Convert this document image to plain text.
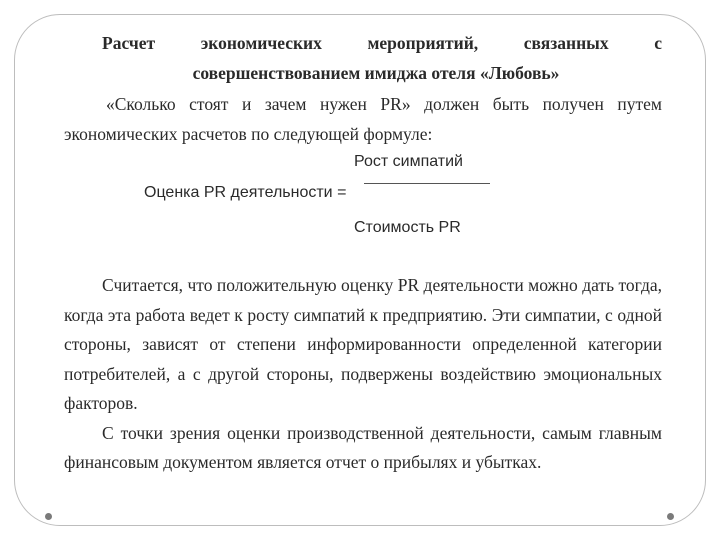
Расчет	экономических	мероприятий,	связанных	с
совершенствованием имиджа отеля «Любовь»
«Сколько стоят и зачем нужен PR» должен быть получен путем экономических расчетов по следующей формуле:
Рост симпатий
Оценка PR деятельности =
Стоимость PR
Считается, что положительную оценку PR деятельности можно дать тогда, когда эта работа ведет к росту симпатий к предприятию. Эти симпатии, с одной стороны, зависят от степени информированности определенной категории потребителей, а с другой стороны, подвержены воздействию эмоциональных факторов.
С точки зрения оценки производственной деятельности, самым главным финансовым документом является отчет о прибылях и убытках.
